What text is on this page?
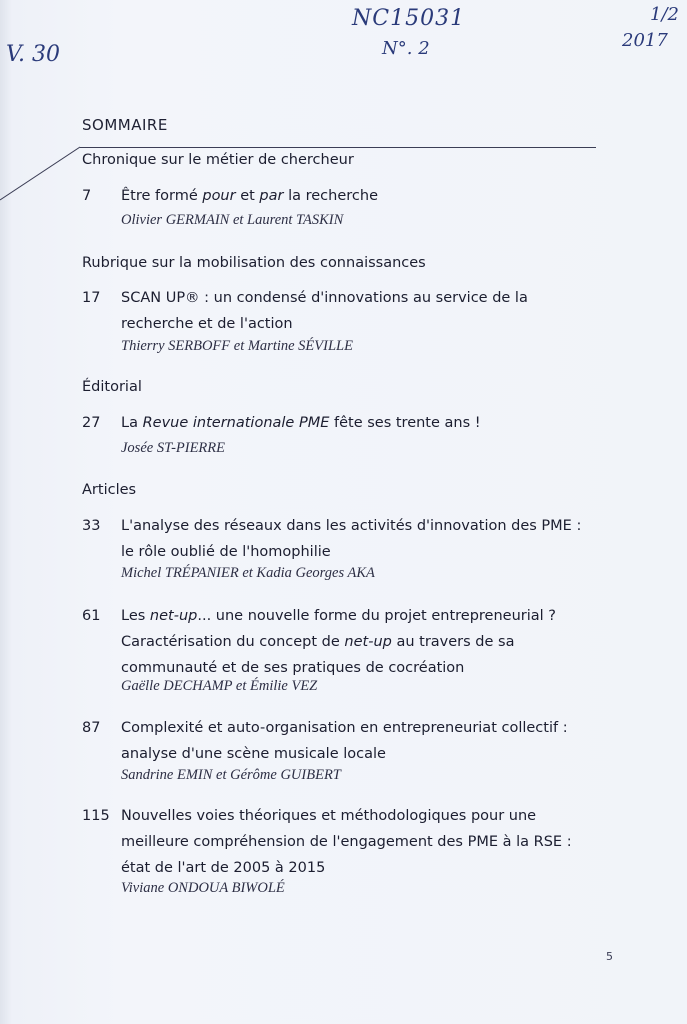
V. 30
NC15031
N°. 2
1/2
2017
SOMMAIRE
Chronique sur le métier de chercheur
7 Être formé pour et par la recherche
Olivier GERMAIN et Laurent TASKIN
Rubrique sur la mobilisation des connaissances
17 SCAN UP® : un condensé d'innovations au service de la
recherche et de l'action
Thierry SERBOFF et Martine SÉVILLE
Éditorial
27 La Revue internationale PME fête ses trente ans !
Josée ST-PIERRE
Articles
33 L'analyse des réseaux dans les activités d'innovation des PME :
le rôle oublié de l'homophilie
Michel TRÉPANIER et Kadia Georges AKA
61 Les net-up... une nouvelle forme du projet entrepreneurial ?
Caractérisation du concept de net-up au travers de sa
communauté et de ses pratiques de cocréation
Gaëlle DECHAMP et Émilie VEZ
87 Complexité et auto-organisation en entrepreneuriat collectif :
analyse d'une scène musicale locale
Sandrine EMIN et Gérôme GUIBERT
115 Nouvelles voies théoriques et méthodologiques pour une
meilleure compréhension de l'engagement des PME à la RSE :
état de l'art de 2005 à 2015
Viviane ONDOUA BIWOLÉ
5
